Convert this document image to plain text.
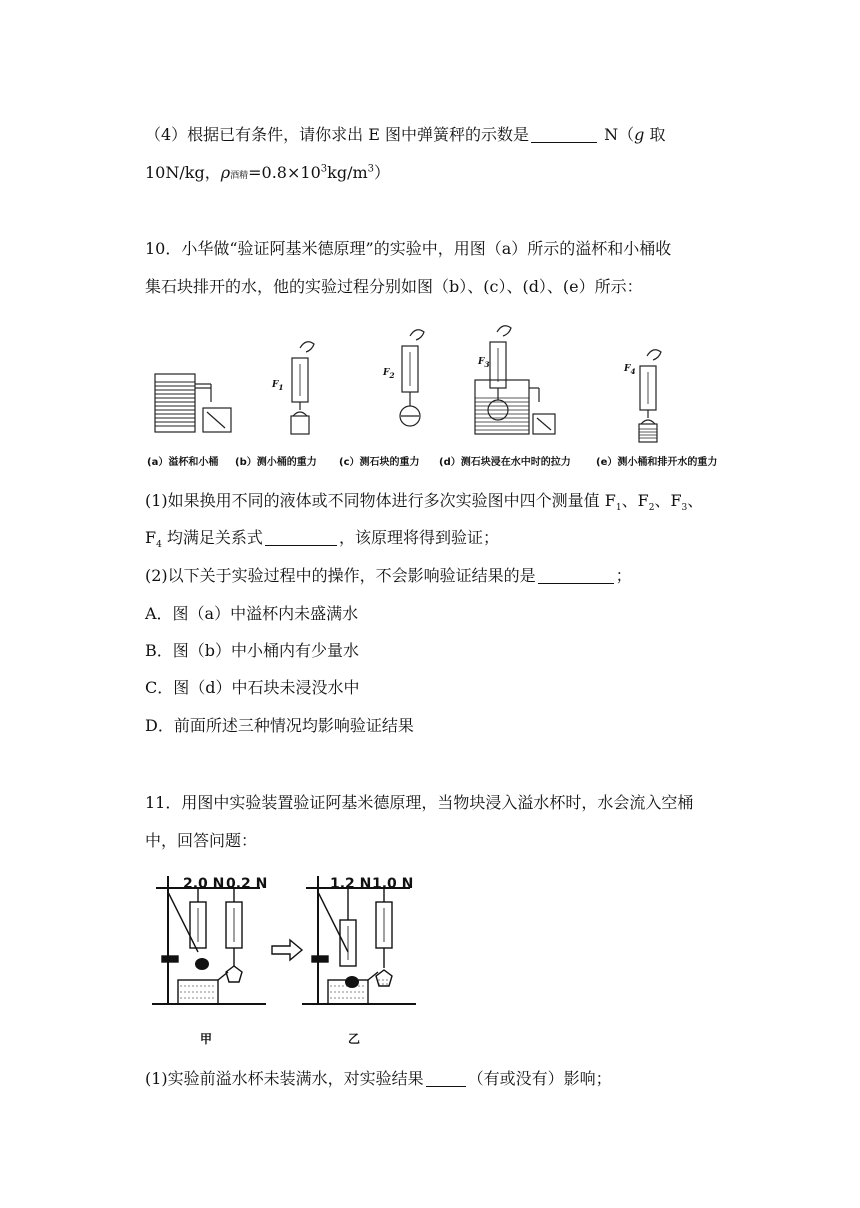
（4）根据已有条件，请你求出 E 图中弹簧秤的示数是	N（g 取
10N/kg，ρ酒精$=0.8\times 10^3kg/m^3$）
10．小华做“验证阿基米德原理”的实验中，用图（a）所示的溢杯和小桶收
集石块排开的水，他的实验过程分别如图（b）、(c）、(d）、(e）所示：
$F_1$
$F_2$
$F_3$	$F_4$
(a）溢杯和小桶 (b）测小桶的重力 (c）测石块的重力 (d）测石块浸在水中时的拉力	(e）测小桶和排开水的重力
(1)如果换用不同的液体或不同物体进行多次实验图中四个测量值 $F_1$、$F_2$、$F_3$、
$F_4$ 均满足关系式	，该原理将得到验证；
(2)以下关于实验过程中的操作，不会影响验证结果的是	；
A．图（a）中溢杯内未盛满水
B．图（b）中小桶内有少量水
C．图（d）中石块未浸没水中
D．前面所述三种情况均影响验证结果
11．用图中实验装置验证阿基米德原理，当物块浸入溢水杯时，水会流入空桶
中，回答问题：
2.0 N 0.2 N	1.2 N 1.0 N
甲	乙
(1)实验前溢水杯未装满水，对实验结果	（有或没有）影响；
